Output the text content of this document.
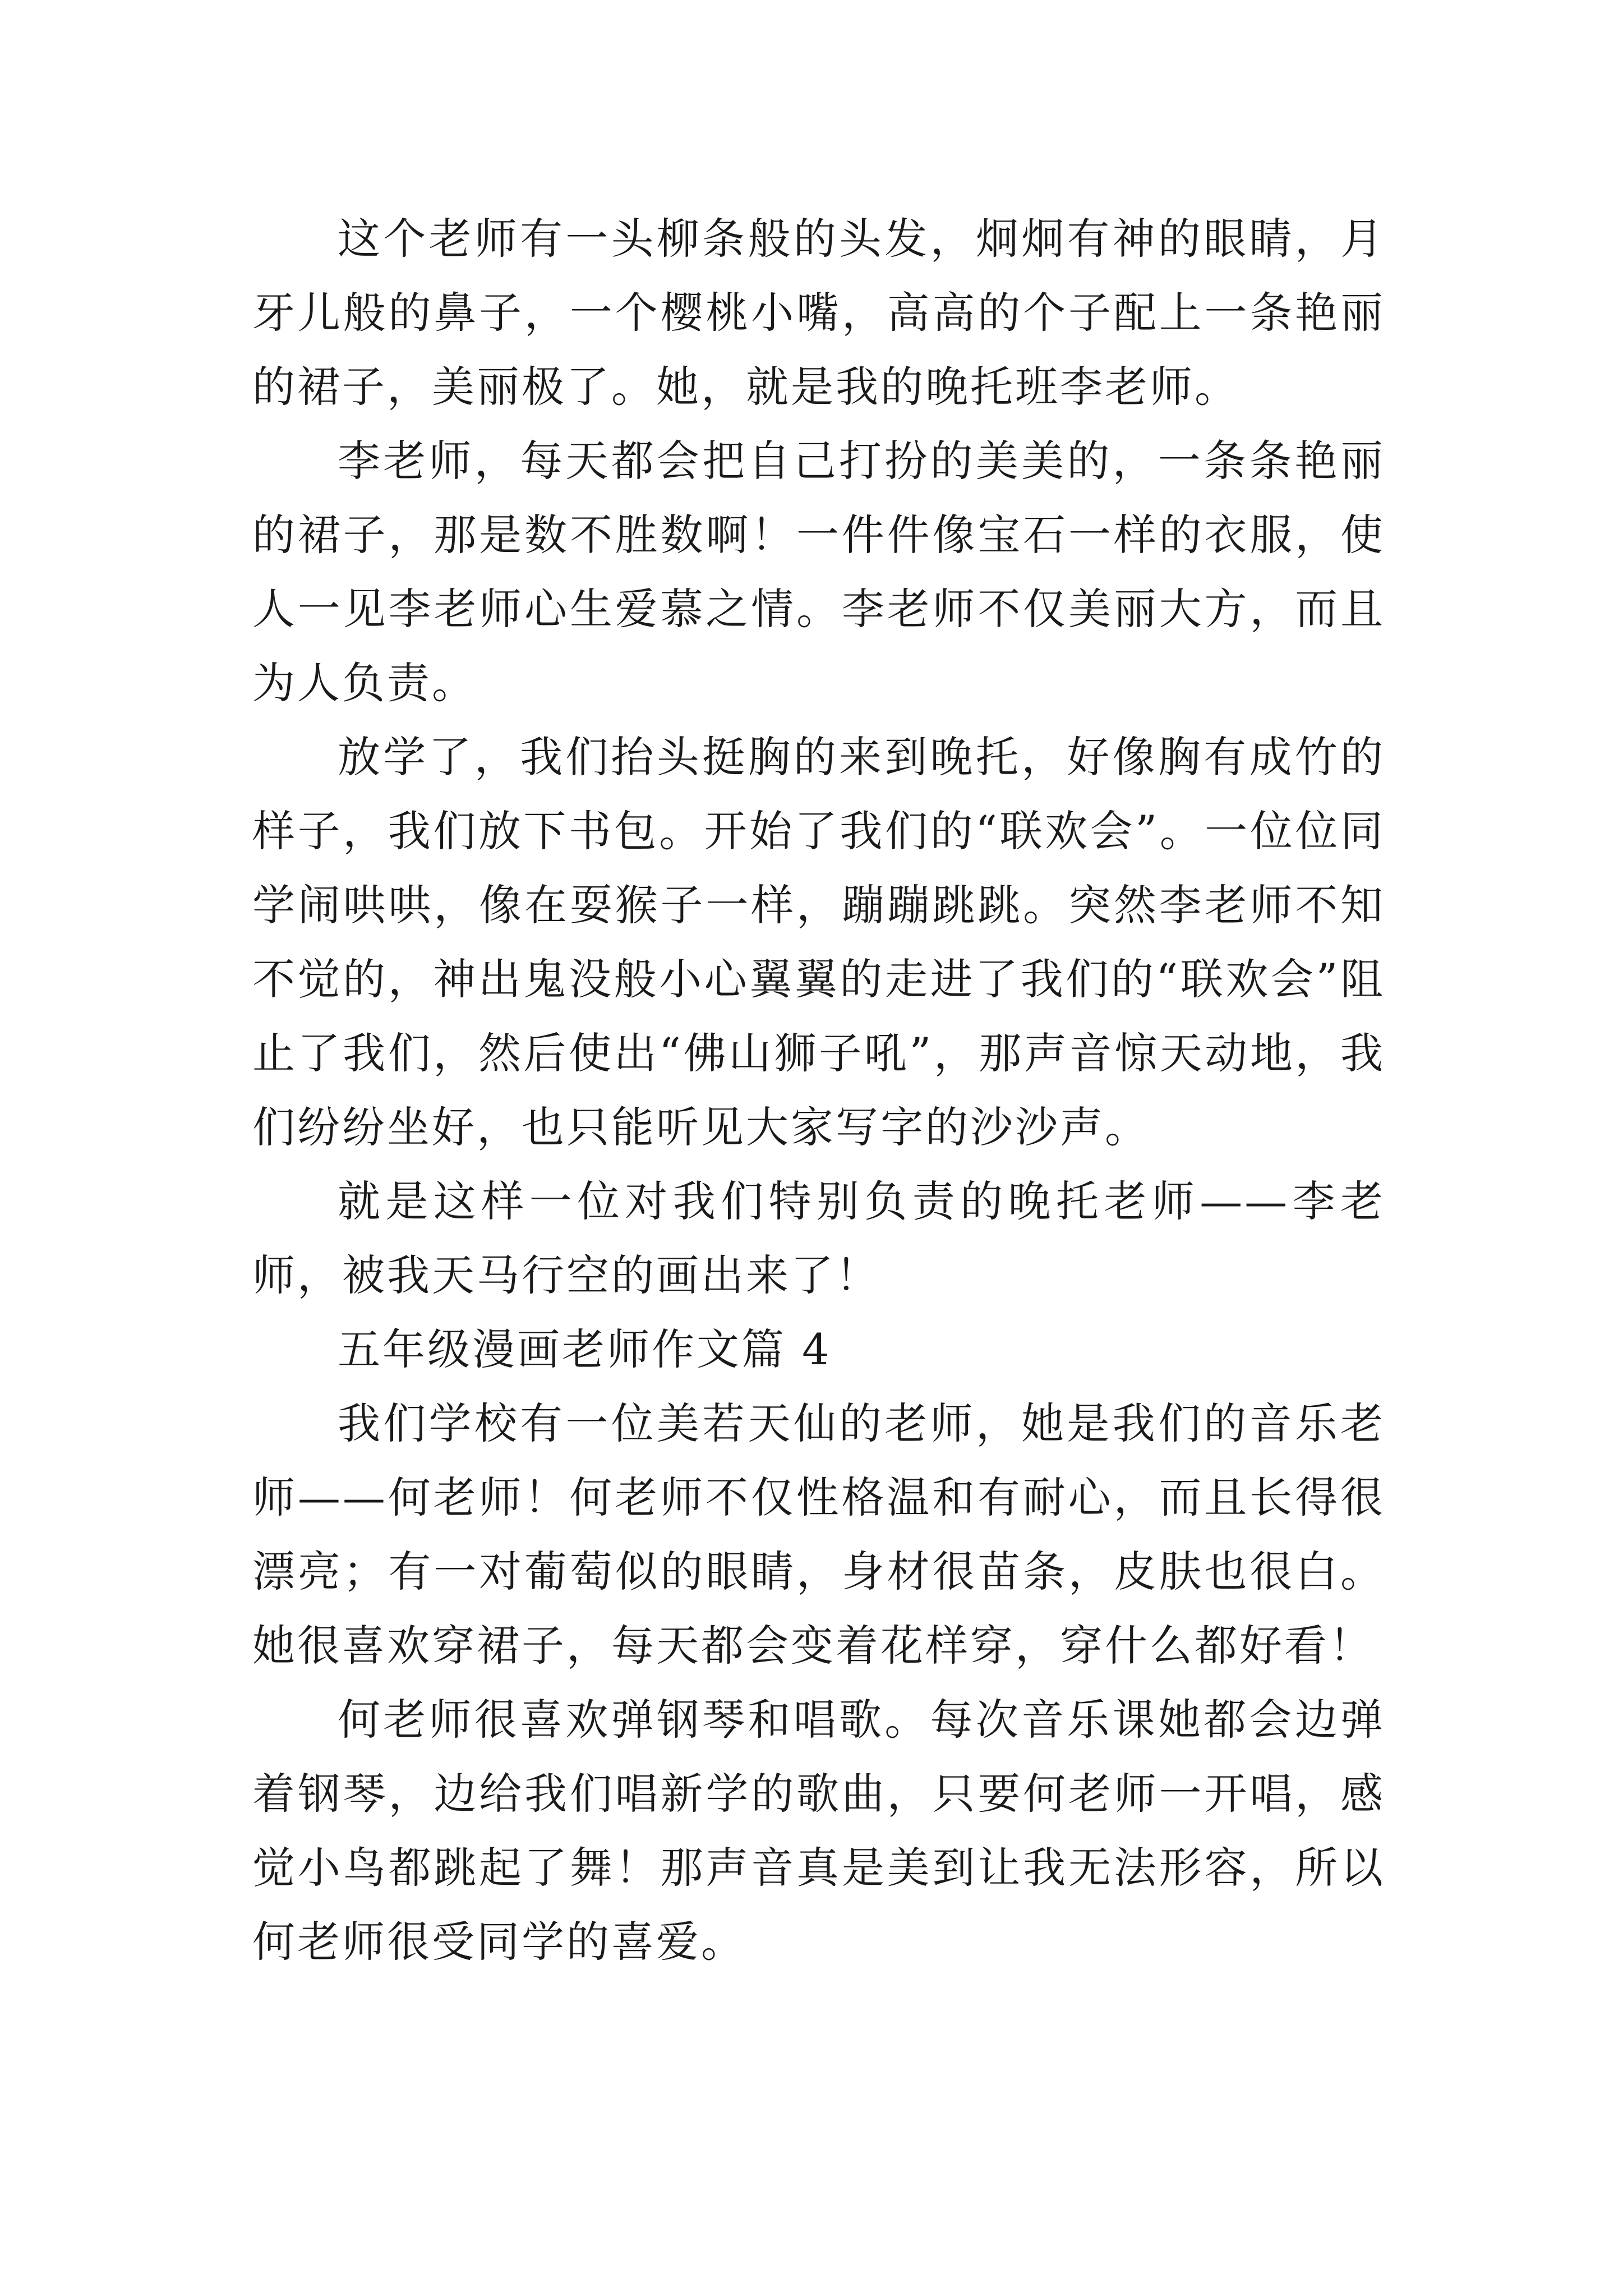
这个老师有一头柳条般的头发，炯炯有神的眼睛，月牙儿般的鼻子，一个樱桃小嘴，高高的个子配上一条艳丽的裙子，美丽极了。她，就是我的晚托班李老师。

李老师，每天都会把自己打扮的美美的，一条条艳丽的裙子，那是数不胜数啊！一件件像宝石一样的衣服，使人一见李老师心生爱慕之情。李老师不仅美丽大方，而且为人负责。

放学了，我们抬头挺胸的来到晚托，好像胸有成竹的样子，我们放下书包。开始了我们的“联欢会”。一位位同学闹哄哄，像在耍猴子一样，蹦蹦跳跳。突然李老师不知不觉的，神出鬼没般小心翼翼的走进了我们的“联欢会”阻止了我们，然后使出“佛山狮子吼”，那声音惊天动地，我们纷纷坐好，也只能听见大家写字的沙沙声。

就是这样一位对我们特别负责的晚托老师——李老师，被我天马行空的画出来了！

五年级漫画老师作文篇 4

我们学校有一位美若天仙的老师，她是我们的音乐老师——何老师！何老师不仅性格温和有耐心，而且长得很漂亮；有一对葡萄似的眼睛，身材很苗条，皮肤也很白。她很喜欢穿裙子，每天都会变着花样穿，穿什么都好看！

何老师很喜欢弹钢琴和唱歌。每次音乐课她都会边弹着钢琴，边给我们唱新学的歌曲，只要何老师一开唱，感觉小鸟都跳起了舞！那声音真是美到让我无法形容，所以何老师很受同学的喜爱。
